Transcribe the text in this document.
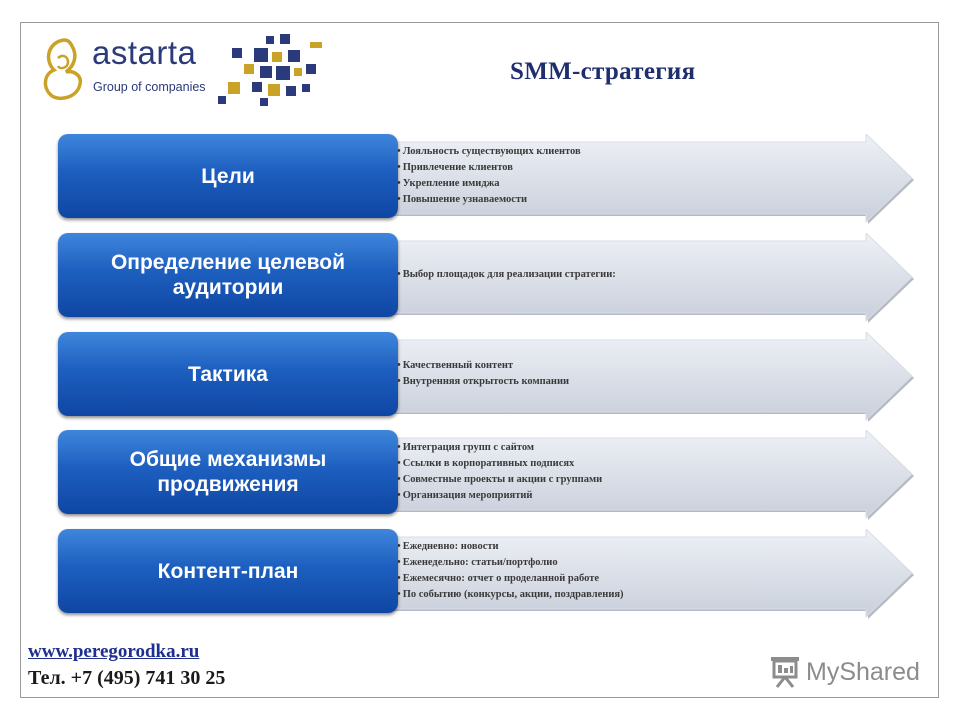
astarta
Group of companies
SMM-стратегия
• Лояльность существующих клиентов
• Привлечение клиентов
• Укрепление имиджа
• Повышение узнаваемости
Цели
• Выбор площадок для реализации стратегии:
Определение целевой аудитории
• Качественный контент
• Внутренняя открытость компании
Тактика
• Интеграция групп с сайтом
• Ссылки в корпоративных подписях
• Совместные проекты и акции с группами
• Организация мероприятий
Общие механизмы продвижения
• Ежедневно: новости
• Еженедельно: статьи/портфолио
• Ежемесячно: отчет о проделанной работе
• По событию (конкурсы, акции, поздравления)
Контент-план
www.peregorodka.ru
Тел. +7 (495) 741 30 25	MyShared
